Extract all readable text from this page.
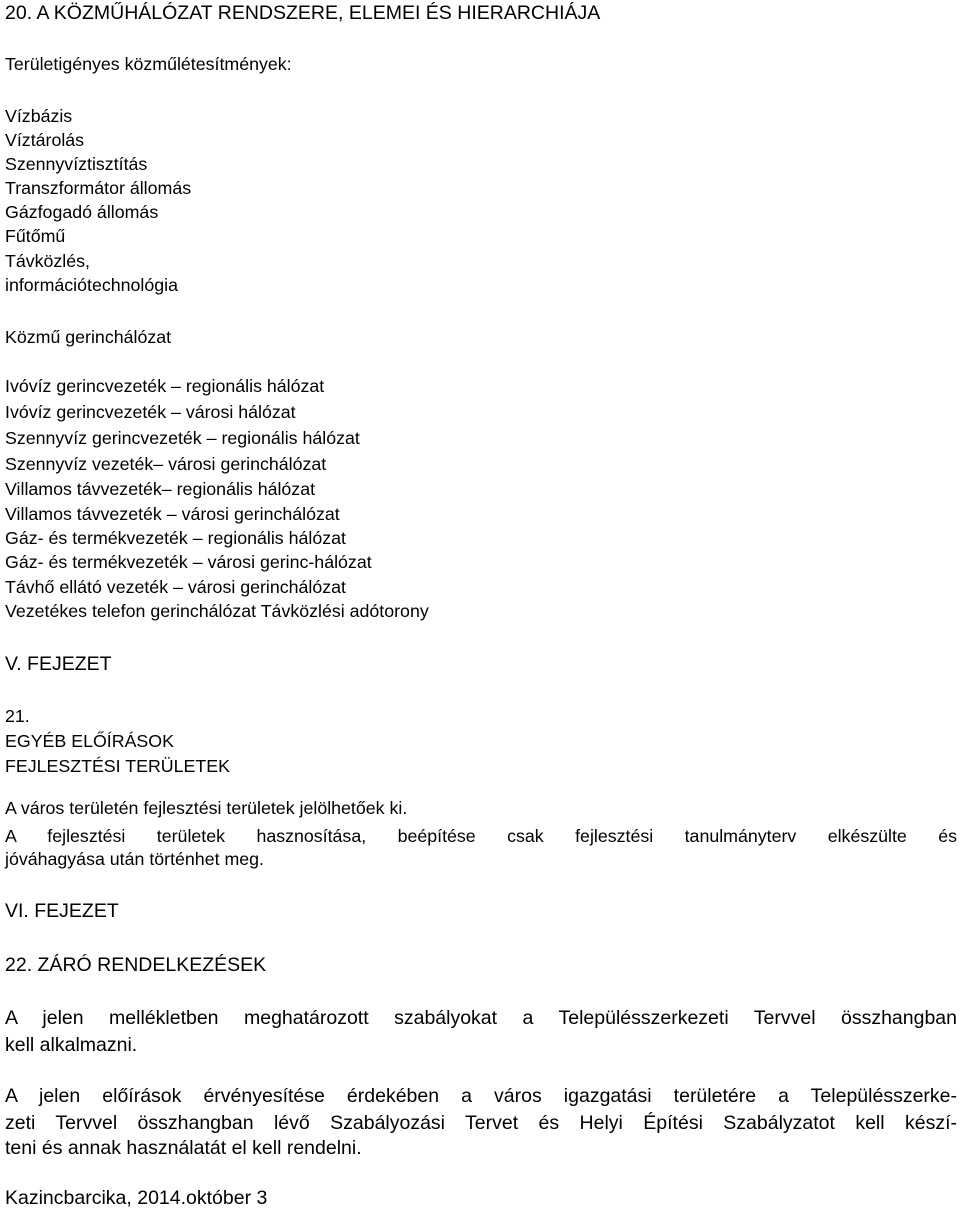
20. A KÖZMŰHÁLÓZAT RENDSZERE, ELEMEI ÉS HIERARCHIÁJA
Területigényes közműlétesítmények:
Vízbázis
Víztárolás
Szennyvíztisztítás
Transzformátor állomás
Gázfogadó állomás
Fűtőmű
Távközlés,
információtechnológia
Közmű gerinchálózat
Ivóvíz gerincvezeték – regionális hálózat
Ivóvíz gerincvezeték – városi hálózat
Szennyvíz gerincvezeték – regionális hálózat
Szennyvíz vezeték– városi gerinchálózat
Villamos távvezeték– regionális hálózat
Villamos távvezeték – városi gerinchálózat
Gáz- és termékvezeték – regionális hálózat
Gáz- és termékvezeték – városi gerinc-hálózat
Távhő ellátó vezeték – városi gerinchálózat
Vezetékes telefon gerinchálózat Távközlési adótorony
V. FEJEZET
21.
EGYÉB ELŐÍRÁSOK
FEJLESZTÉSI TERÜLETEK
A város területén fejlesztési területek jelölhetőek ki.
A fejlesztési területek hasznosítása, beépítése csak fejlesztési tanulmányterv elkészülte és
jóváhagyása után történhet meg.
VI. FEJEZET
22. ZÁRÓ RENDELKEZÉSEK
A jelen mellékletben meghatározott szabályokat a Településszerkezeti Tervvel összhangban
kell alkalmazni.
A jelen előírások érvényesítése érdekében a város igazgatási területére a Településszerke-
zeti Tervvel összhangban lévő Szabályozási Tervet és Helyi Építési Szabályzatot kell készí-
teni és annak használatát el kell rendelni.
Kazincbarcika, 2014.október 3
